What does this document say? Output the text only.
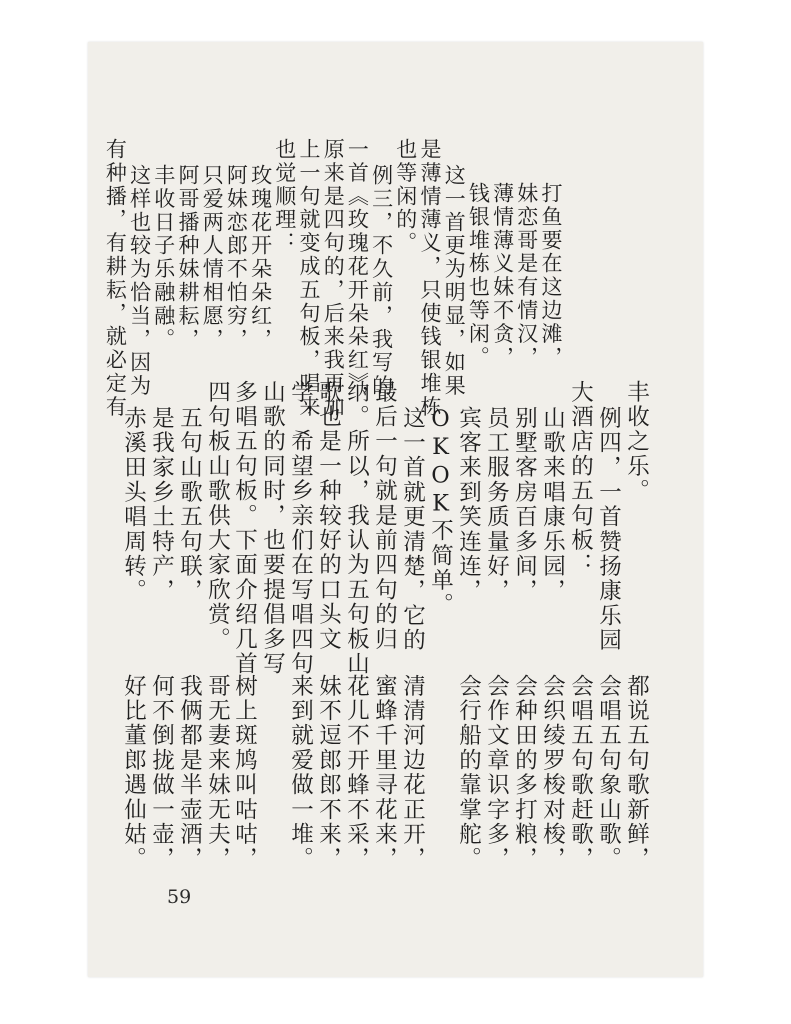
打鱼要在这边滩，
妹恋哥是有情汉，
薄情薄义妹不贪，
钱银堆栋也等闲。
这一首更为明显，如果
是薄情薄义，只使钱银堆栋
也等闲的。
例三，不久前，我写的
一首《玫瑰花开朵朵红》，
原来是四句的，后来我再加
上一句就变成五句板，唱来
也觉顺理：
玫瑰花开朵朵红，
阿妹恋郎不怕穷，
只爱两人情相愿，
阿哥播种妹耕耘，
丰收日子乐融融。
这样也较为恰当，因为
有种播，有耕耘，就必定有
丰收之乐。
例四，一首赞扬康乐园
大酒店的五句板：
山歌来唱康乐园，
别墅客房百多间，
员工服务质量好，
宾客来到笑连连，
OKOK不简单。
这一首就更清楚，它的
最后一句就是前四句的归
纳。所以，我认为五句板山
歌也是一种较好的口头文
学，希望乡亲们在写唱四句
山歌的同时，也要提倡多写
多唱五句板。下面介绍几首
四句板山歌供大家欣赏。
五句山歌五句联，
是我家乡土特产，
赤溪田头唱周转。
都说五句歌新鲜，
会唱五句象山歌。
会唱五句歌赶歌，
会织绫罗梭对梭，
会种田的多打粮，
会作文章识字多，
会行船的靠掌舵。
清清河边花正开，
蜜蜂千里寻花来，
花儿不开蜂不采，
妹不逗郎郎不来，
来到就爱做一堆。
树上斑鸠叫咕咕，
哥无妻来妹无夫，
我俩都是半壶酒，
何不倒拢做一壶，
好比董郎遇仙姑。
59
